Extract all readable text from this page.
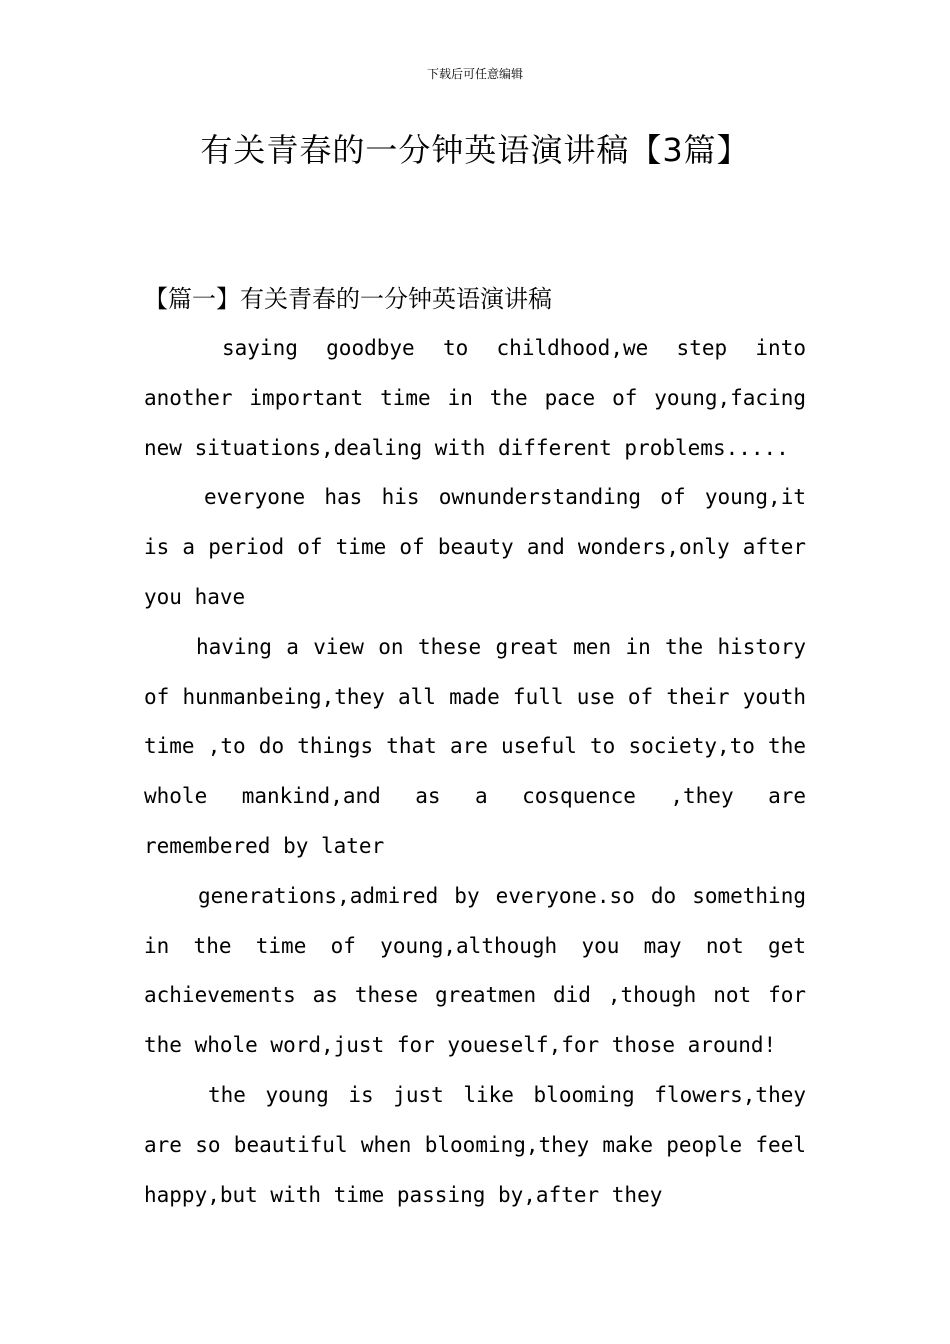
下载后可任意编辑
有关青春的一分钟英语演讲稿【3篇】
【篇一】有关青春的一分钟英语演讲稿

saying goodbye to childhood,we step into another important time in the pace of young,facing new situations,dealing with different problems.....

everyone has his ownunderstanding of young,it is a period of time of beauty and wonders,only after you have

having a view on these great men in the history of hunmanbeing,they all made full use of their youth time ,to do things that are useful to society,to the whole mankind,and as a cosquence ,they are remembered by later

generations,admired by everyone.so do something in the time of young,although you may not get achievements as these greatmen did ,though not for the whole word,just for youeself,for those around!

the young is just like blooming flowers,they are so beautiful when blooming,they make people feel happy,but with time passing by,after they
